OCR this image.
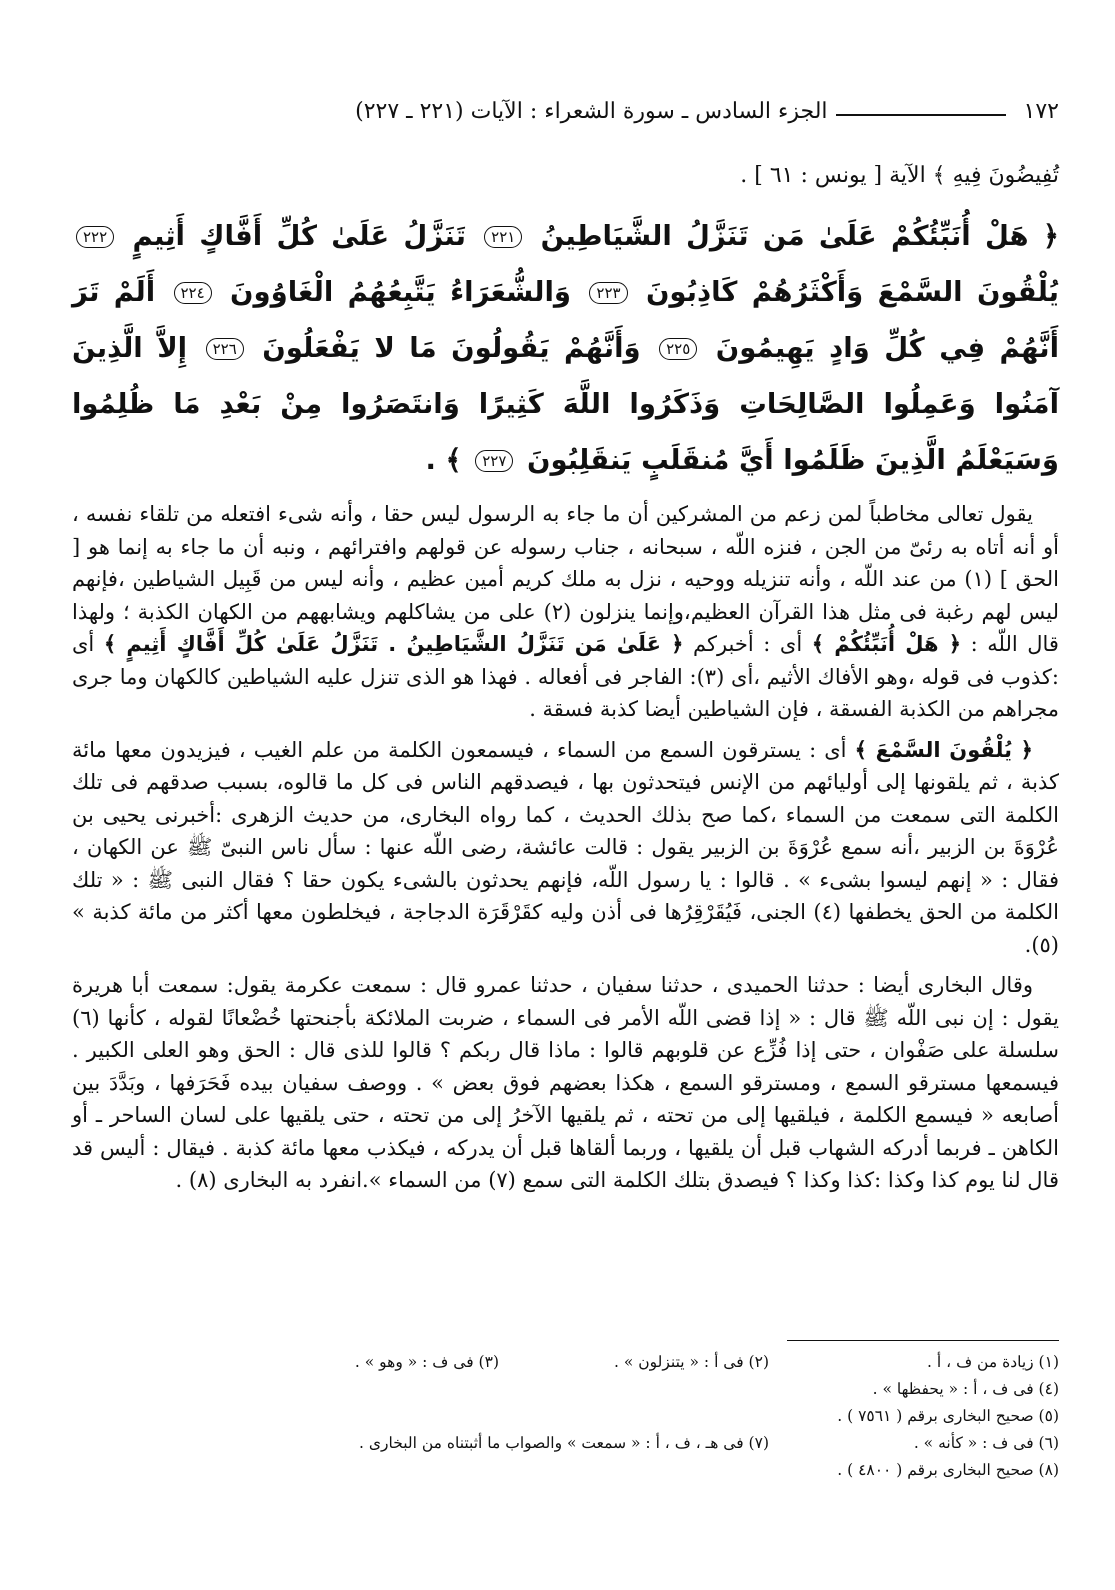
١٧٢
الجزء السادس ـ سورة الشعراء : الآيات (٢٢١ ـ ٢٢٧)

تُفِيضُونَ فِيهِ ﴾ الآية [ يونس : ٦١ ] .

﴿ هَلْ أُنَبِّئُكُمْ عَلَىٰ مَن تَنَزَّلُ الشَّيَاطِينُ ٢٢١ تَنَزَّلُ عَلَىٰ كُلِّ أَفَّاكٍ أَثِيمٍ ٢٢٢ يُلْقُونَ السَّمْعَ وَأَكْثَرُهُمْ كَاذِبُونَ ٢٢٣ وَالشُّعَرَاءُ يَتَّبِعُهُمُ الْغَاوُونَ ٢٢٤ أَلَمْ تَرَ أَنَّهُمْ فِي كُلِّ وَادٍ يَهِيمُونَ ٢٢٥ وَأَنَّهُمْ يَقُولُونَ مَا لا يَفْعَلُونَ ٢٢٦ إِلاَّ الَّذِينَ آمَنُوا وَعَمِلُوا الصَّالِحَاتِ وَذَكَرُوا اللَّهَ كَثِيرًا وَانتَصَرُوا مِنْ بَعْدِ مَا ظُلِمُوا وَسَيَعْلَمُ الَّذِينَ ظَلَمُوا أَيَّ مُنقَلَبٍ يَنقَلِبُونَ ٢٢٧ ﴾ .

يقول تعالى مخاطباً لمن زعم من المشركين أن ما جاء به الرسول ليس حقا ، وأنه شىء افتعله من تلقاء نفسه ، أو أنه أتاه به رئىّ من الجن ، فنزه اللّه ، سبحانه ، جناب رسوله عن قولهم وافترائهم ، ونبه أن ما جاء به إنما هو [ الحق ] (١) من عند اللّه ، وأنه تنزيله ووحيه ، نزل به ملك كريم أمين عظيم ، وأنه ليس من قَبِيل الشياطين ،فإنهم ليس لهم رغبة فى مثل هذا القرآن العظيم،وإنما ينزلون (٢) على من يشاكلهم ويشابههم من الكهان الكذبة ؛ ولهذا قال اللّه : ﴿ هَلْ أُنَبِّئُكُمْ ﴾ أى : أخبركم ﴿ عَلَىٰ مَن تَنَزَّلُ الشَّيَاطِينُ . تَنَزَّلُ عَلَىٰ كُلِّ أَفَّاكٍ أَثِيمٍ ﴾ أى :كذوب فى قوله ،وهو الأفاك الأثيم ،أى (٣): الفاجر فى أفعاله . فهذا هو الذى تنزل عليه الشياطين كالكهان وما جرى مجراهم من الكذبة الفسقة ، فإن الشياطين أيضا كذبة فسقة .

﴿ يُلْقُونَ السَّمْعَ ﴾ أى : يسترقون السمع من السماء ، فيسمعون الكلمة من علم الغيب ، فيزيدون معها مائة كذبة ، ثم يلقونها إلى أوليائهم من الإنس فيتحدثون بها ، فيصدقهم الناس فى كل ما قالوه، بسبب صدقهم فى تلك الكلمة التى سمعت من السماء ،كما صح بذلك الحديث ، كما رواه البخارى، من حديث الزهرى :أخبرنى يحيى بن عُرْوَةَ بن الزبير ،أنه سمع عُرْوَةَ بن الزبير يقول : قالت عائشة، رضى اللّه عنها : سأل ناس النبىّ ﷺ عن الكهان ، فقال : « إنهم ليسوا بشىء » . قالوا : يا رسول اللّه، فإنهم يحدثون بالشىء يكون حقا ؟ فقال النبى ﷺ : « تلك الكلمة من الحق يخطفها (٤) الجنى، فَيُقَرْقِرُها فى أذن وليه كقَرْقَرَة الدجاجة ، فيخلطون معها أكثر من مائة كذبة » (٥).

وقال البخارى أيضا : حدثنا الحميدى ، حدثنا سفيان ، حدثنا عمرو قال : سمعت عكرمة يقول: سمعت أبا هريرة يقول : إن نبى اللّه ﷺ قال : « إذا قضى اللّه الأمر فى السماء ، ضربت الملائكة بأجنحتها خُضْعانًا لقوله ، كأنها (٦) سلسلة على صَفْوان ، حتى إذا فُزِّع عن قلوبهم قالوا : ماذا قال ربكم ؟ قالوا للذى قال : الحق وهو العلى الكبير . فيسمعها مسترقو السمع ، ومسترقو السمع ، هكذا بعضهم فوق بعض » . ووصف سفيان بيده فَحَرَفها ، وبَدَّدَ بين أصابعه « فيسمع الكلمة ، فيلقيها إلى من تحته ، ثم يلقيها الآخرُ إلى من تحته ، حتى يلقيها على لسان الساحر ـ أو الكاهن ـ فربما أدركه الشهاب قبل أن يلقيها ، وربما ألقاها قبل أن يدركه ، فيكذب معها مائة كذبة . فيقال : أليس قد قال لنا يوم كذا وكذا :كذا وكذا ؟ فيصدق بتلك الكلمة التى سمع (٧) من السماء ».انفرد به البخارى (٨) .

(١) زيادة من ف ، أ .
(٢) فى أ : « يتنزلون » .
(٣) فى ف : « وهو » .
(٤) فى ف ، أ : « يحفظها » .
(٥) صحيح البخارى برقم ( ٧٥٦١ ) .
(٦) فى ف : « كأنه » .
(٧) فى هـ ، ف ، أ : « سمعت » والصواب ما أثبتناه من البخارى .
(٨) صحيح البخارى برقم ( ٤٨٠٠ ) .
